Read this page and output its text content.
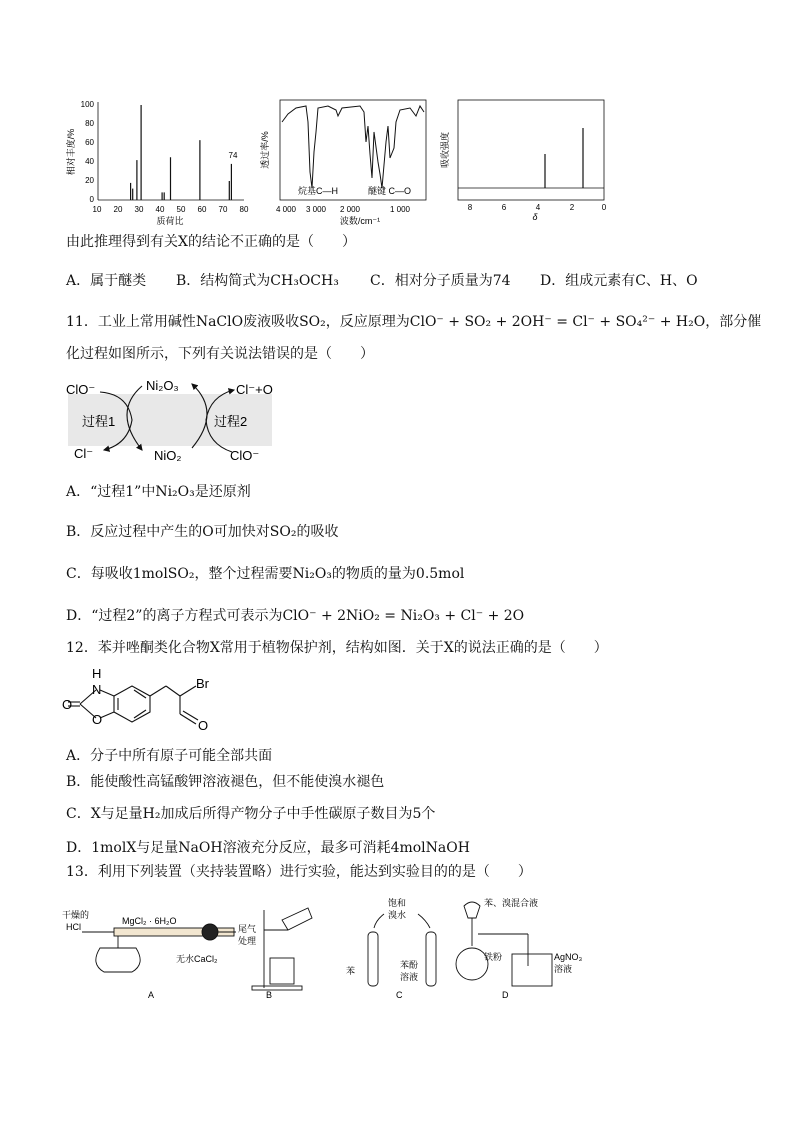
相对丰度/%
100
80
60
40
20
0
10 20 30 40 50 60 70 80
质荷比
74	透过率/%
烷基C—H	醚键 C—O
4 000 3 000 2 000	1 000
波数/cm⁻¹
吸收强度
8	6	4	2	0
δ
由此推理得到有关X的结论不正确的是（　　）
A．属于醚类 B．结构简式为CH₃OCH₃ C．相对分子质量为74 D．组成元素有C、H、O
11．工业上常用碱性NaClO废液吸收SO₂，反应原理为ClO⁻ + SO₂ + 2OH⁻ = Cl⁻ + SO₄²⁻ + H₂O，部分催
化过程如图所示，下列有关说法错误的是（　　）
ClO⁻	Ni₂O₃	Cl⁻+O
过程1	过程2
Cl⁻	NiO₂	ClO⁻
A．“过程1”中Ni₂O₃是还原剂
B．反应过程中产生的O可加快对SO₂的吸收
C．每吸收1molSO₂，整个过程需要Ni₂O₃的物质的量为0.5mol
D．“过程2”的离子方程式可表示为ClO⁻ + 2NiO₂ = Ni₂O₃ + Cl⁻ + 2O
12．苯并唑酮类化合物X常用于植物保护剂，结构如图．关于X的说法正确的是（　　）
H
N
O
O
Br
O
A．分子中所有原子可能全部共面
B．能使酸性高锰酸钾溶液褪色，但不能使溴水褪色
C．X与足量H₂加成后所得产物分子中手性碳原子数目为5个
D．1molX与足量NaOH溶液充分反应，最多可消耗4molNaOH
13．利用下列装置（夹持装置略）进行实验，能达到实验目的的是（　　）
干燥的
HCl
MgCl₂ · 6H₂O
无水CaCl₂
尾气
处理
A	B
饱和
溴水
苯
苯酚
溶液
C
苯、溴混合液
铁粉	AgNO₃
溶液
D
